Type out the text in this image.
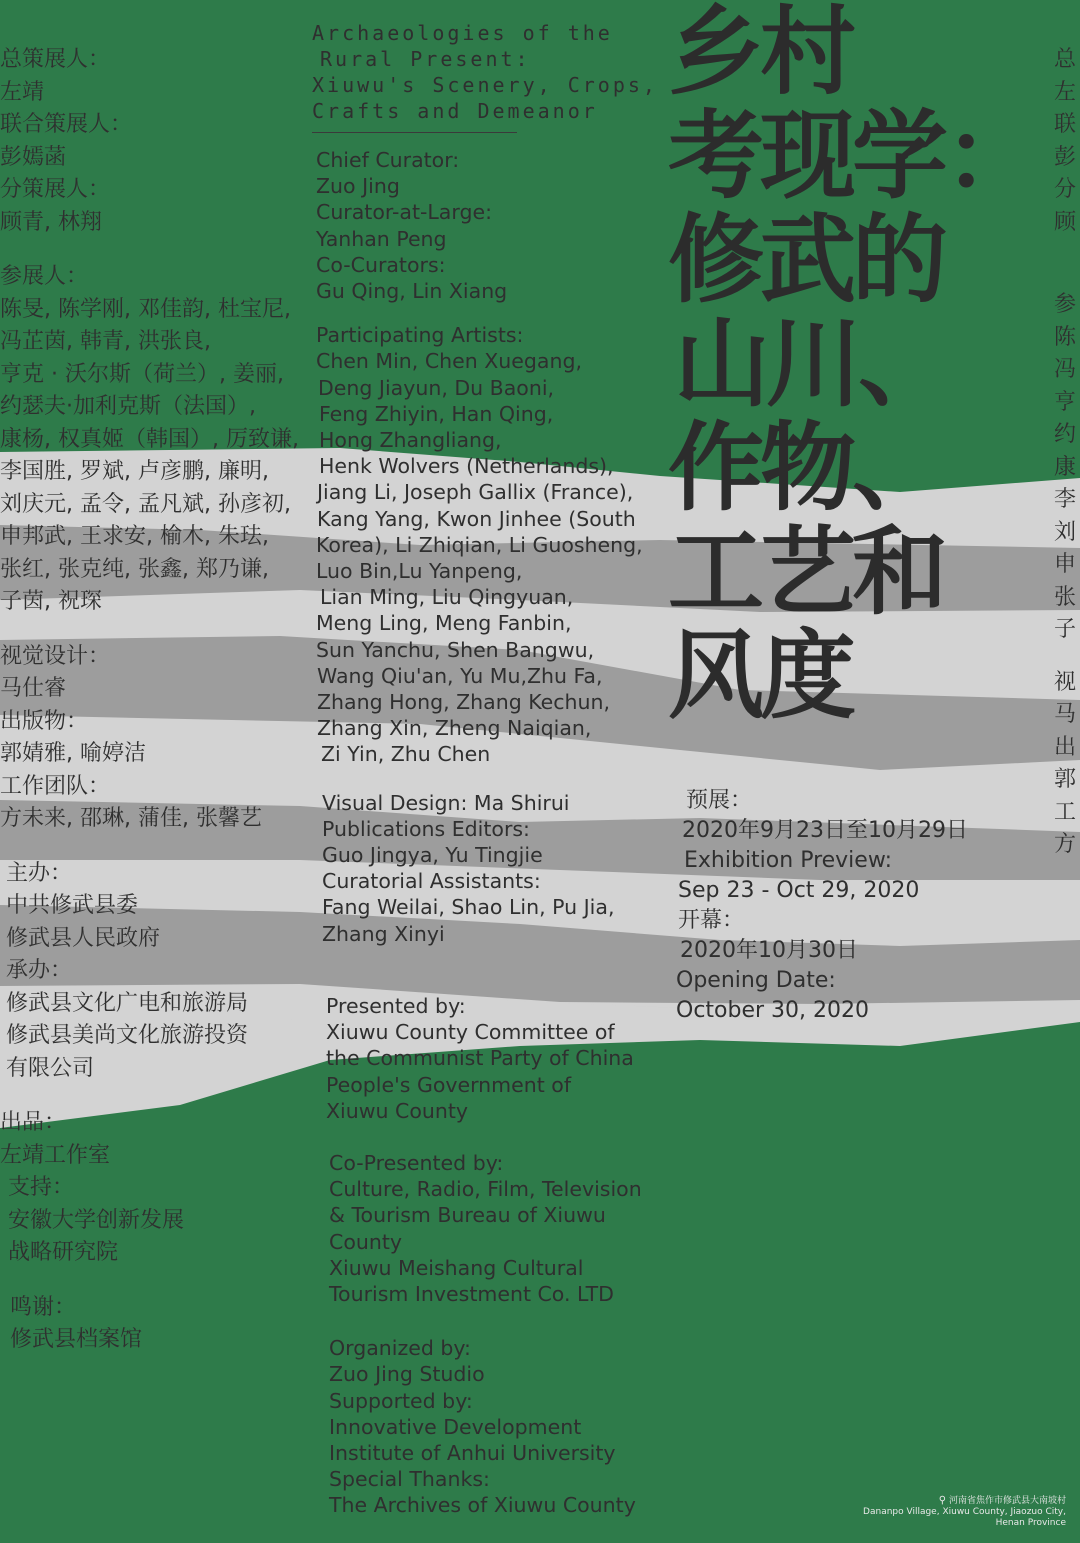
总策展人：
左靖
联合策展人：
彭嫣菡
分策展人：
顾青, 林翔
参展人：
陈旻, 陈学刚, 邓佳韵, 杜宝尼,
冯芷茵, 韩青, 洪张良,
亨克 · 沃尔斯（荷兰）, 姜丽,
约瑟夫·加利克斯（法国）,
康杨, 权真姬（韩国）, 厉致谦,
李国胜, 罗斌, 卢彦鹏, 廉明,
刘庆元, 孟令, 孟凡斌, 孙彦初,
申邦武, 王求安, 榆木, 朱珐,
张红, 张克纯, 张鑫, 郑乃谦,
子茵, 祝琛
视觉设计：
马仕睿
出版物：
郭婧雅, 喻婷洁
工作团队：
方未来, 邵琳, 蒲佳, 张馨艺
主办：
中共修武县委
修武县人民政府
承办：
修武县文化广电和旅游局
修武县美尚文化旅游投资
有限公司
出品：
左靖工作室
支持：
安徽大学创新发展
战略研究院
鸣谢：
修武县档案馆
Archaeologies of the
Rural Present:
Xiuwu's Scenery, Crops,
Crafts and Demeanor
Chief Curator:
Zuo Jing
Curator-at-Large:
Yanhan Peng
Co-Curators:
Gu Qing, Lin Xiang
Participating Artists:
Chen Min, Chen Xuegang,
Deng Jiayun, Du Baoni,
Feng Zhiyin, Han Qing,
Hong Zhangliang,
Henk Wolvers (Netherlands),
Jiang Li, Joseph Gallix (France),
Kang Yang, Kwon Jinhee (South
Korea), Li Zhiqian, Li Guosheng,
Luo Bin,Lu Yanpeng,
Lian Ming, Liu Qingyuan,
Meng Ling, Meng Fanbin,
Sun Yanchu, Shen Bangwu,
Wang Qiu'an, Yu Mu,Zhu Fa,
Zhang Hong, Zhang Kechun,
Zhang Xin, Zheng Naiqian,
Zi Yin, Zhu Chen
Visual Design: Ma Shirui
Publications Editors:
Guo Jingya, Yu Tingjie
Curatorial Assistants:
Fang Weilai, Shao Lin, Pu Jia,
Zhang Xinyi
Presented by:
Xiuwu County Committee of
the Communist Party of China
People's Government of
Xiuwu County
Co-Presented by:
Culture, Radio, Film, Television
& Tourism Bureau of Xiuwu
County
Xiuwu Meishang Cultural
Tourism Investment Co. LTD
Organized by:
Zuo Jing Studio
Supported by:
Innovative Development
Institute of Anhui University
Special Thanks:
The Archives of Xiuwu County
乡村
考现学：
修武的
山川、
作物、
工艺和
风度
预展：
2020年9月23日至10月29日
Exhibition Preview:
Sep 23 - Oct 29, 2020
开幕：
2020年10月30日
Opening Date:
October 30, 2020
总
左
联
彭
分
顾
参
陈
冯
亨
约
康
李
刘
申
张
子
视
马
出
郭
工
方
⚲ 河南省焦作市修武县大南坡村
Dananpo Village, Xiuwu County, Jiaozuo City,
Henan Province
